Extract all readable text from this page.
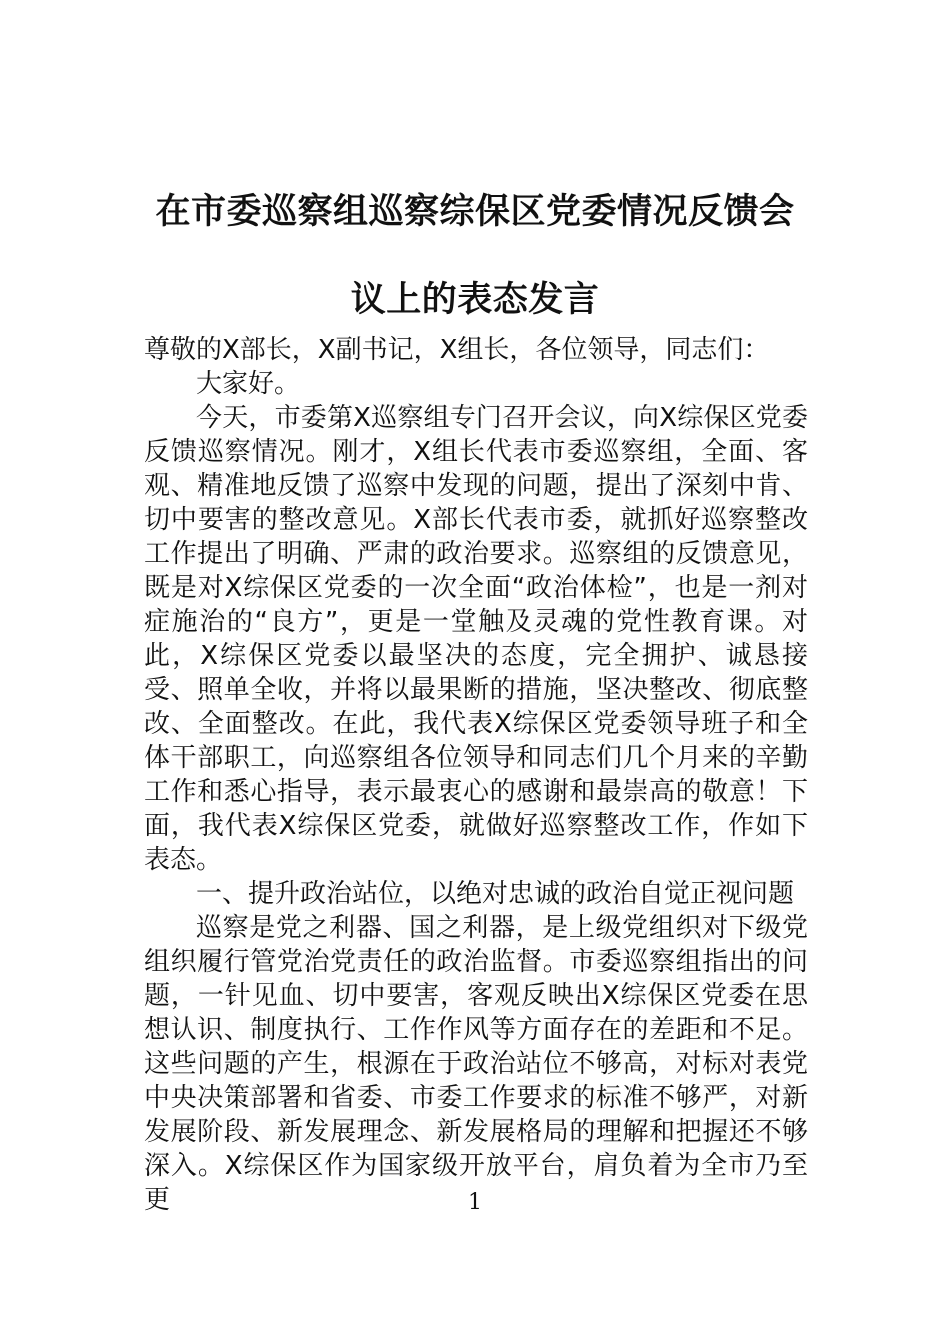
在市委巡察组巡察综保区党委情况反馈会议上的表态发言

尊敬的X部长，X副书记，X组长，各位领导，同志们：

大家好。

今天，市委第X巡察组专门召开会议，向X综保区党委反馈巡察情况。刚才，X组长代表市委巡察组，全面、客观、精准地反馈了巡察中发现的问题，提出了深刻中肯、切中要害的整改意见。X部长代表市委，就抓好巡察整改工作提出了明确、严肃的政治要求。巡察组的反馈意见，既是对X综保区党委的一次全面“政治体检”，也是一剂对症施治的“良方”，更是一堂触及灵魂的党性教育课。对此，X综保区党委以最坚决的态度，完全拥护、诚恳接受、照单全收，并将以最果断的措施，坚决整改、彻底整改、全面整改。在此，我代表X综保区党委领导班子和全体干部职工，向巡察组各位领导和同志们几个月来的辛勤工作和悉心指导，表示最衷心的感谢和最崇高的敬意！下面，我代表X综保区党委，就做好巡察整改工作，作如下表态。

一、提升政治站位，以绝对忠诚的政治自觉正视问题

巡察是党之利器、国之利器，是上级党组织对下级党组织履行管党治党责任的政治监督。市委巡察组指出的问题，一针见血、切中要害，客观反映出X综保区党委在思想认识、制度执行、工作作风等方面存在的差距和不足。这些问题的产生，根源在于政治站位不够高，对标对表党中央决策部署和省委、市委工作要求的标准不够严，对新发展阶段、新发展理念、新发展格局的理解和把握还不够深入。X综保区作为国家级开放平台，肩负着为全市乃至更	1
